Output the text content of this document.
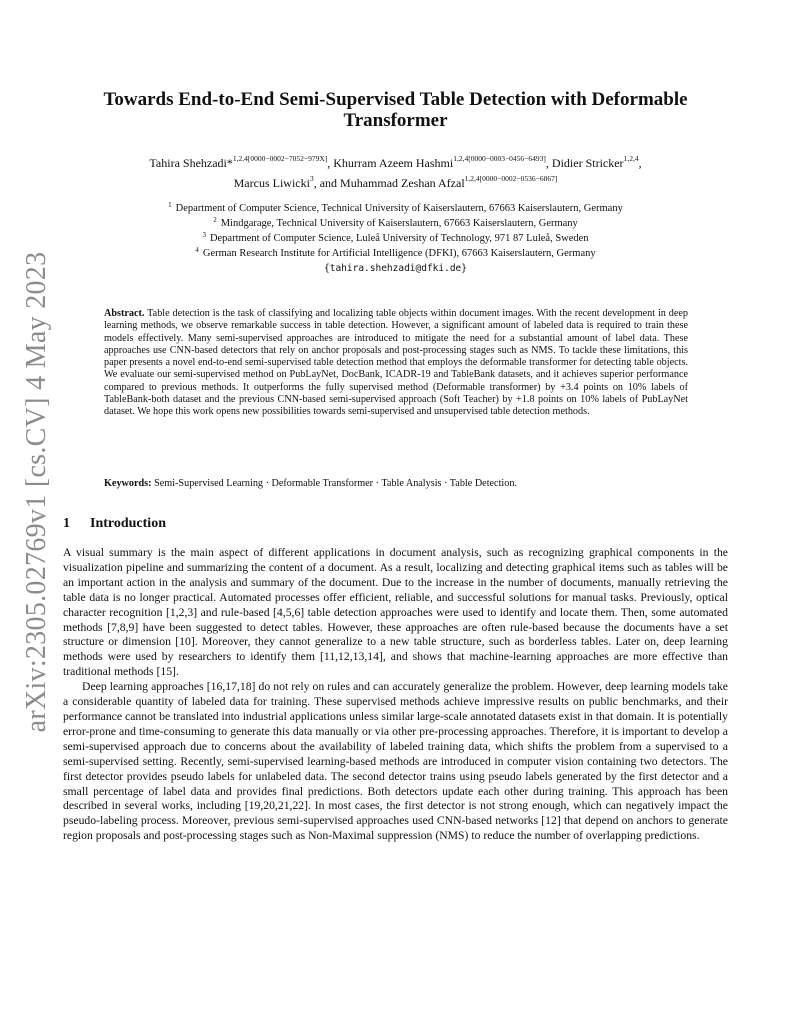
arXiv:2305.02769v1 [cs.CV] 4 May 2023
Towards End-to-End Semi-Supervised Table Detection with Deformable Transformer

Tahira Shehzadi*$^{1,2,4[0000-0002-7052-979X]}$, Khurram Azeem Hashmi$^{1,2,4[0000-0003-0456-6493]}$, Didier Stricker$^{1,2,4}$,
Marcus Liwicki$^3$, and Muhammad Zeshan Afzal$^{1,2,4[0000-0002-0536-6867]}$

$^1$ Department of Computer Science, Technical University of Kaiserslautern, 67663 Kaiserslautern, Germany
$^2$ Mindgarage, Technical University of Kaiserslautern, 67663 Kaiserslautern, Germany
$^3$ Department of Computer Science, Luleå University of Technology, 971 87 Luleå, Sweden
$^4$ German Research Institute for Artificial Intelligence (DFKI), 67663 Kaiserslautern, Germany
{tahira.shehzadi@dfki.de}

Abstract. Table detection is the task of classifying and localizing table objects within document images. With the recent development in deep learning methods, we observe remarkable success in table detection. However, a significant amount of labeled data is required to train these models effectively. Many semi-supervised approaches are introduced to mitigate the need for a substantial amount of label data. These approaches use CNN-based detectors that rely on anchor proposals and post-processing stages such as NMS. To tackle these limitations, this paper presents a novel end-to-end semi-supervised table detection method that employs the deformable transformer for detecting table objects. We evaluate our semi-supervised method on PubLayNet, DocBank, ICADR-19 and TableBank datasets, and it achieves superior performance compared to previous methods. It outperforms the fully supervised method (Deformable transformer) by +3.4 points on 10% labels of TableBank-both dataset and the previous CNN-based semi-supervised approach (Soft Teacher) by +1.8 points on 10% labels of PubLayNet dataset. We hope this work opens new possibilities towards semi-supervised and unsupervised table detection methods.

Keywords: Semi-Supervised Learning · Deformable Transformer · Table Analysis · Table Detection.

1	Introduction

A visual summary is the main aspect of different applications in document analysis, such as recognizing graphical components in the visualization pipeline and summarizing the content of a document. As a result, localizing and detecting graphical items such as tables will be an important action in the analysis and summary of the document. Due to the increase in the number of documents, manually retrieving the table data is no longer practical. Automated processes offer efficient, reliable, and successful solutions for manual tasks. Previously, optical character recognition [1,2,3] and rule-based [4,5,6] table detection approaches were used to identify and locate them. Then, some automated methods [7,8,9] have been suggested to detect tables. However, these approaches are often rule-based because the documents have a set structure or dimension [10]. Moreover, they cannot generalize to a new table structure, such as borderless tables. Later on, deep learning methods were used by researchers to identify them [11,12,13,14], and shows that machine-learning approaches are more effective than traditional methods [15].

Deep learning approaches [16,17,18] do not rely on rules and can accurately generalize the problem. However, deep learning models take a considerable quantity of labeled data for training. These supervised methods achieve impressive results on public benchmarks, and their performance cannot be translated into industrial applications unless similar large-scale annotated datasets exist in that domain. It is potentially error-prone and time-consuming to generate this data manually or via other pre-processing approaches. Therefore, it is important to develop a semi-supervised approach due to concerns about the availability of labeled training data, which shifts the problem from a supervised to a semi-supervised setting. Recently, semi-supervised learning-based methods are introduced in computer vision containing two detectors. The first detector provides pseudo labels for unlabeled data. The second detector trains using pseudo labels generated by the first detector and a small percentage of label data and provides final predictions. Both detectors update each other during training. This approach has been described in several works, including [19,20,21,22]. In most cases, the first detector is not strong enough, which can negatively impact the pseudo-labeling process. Moreover, previous semi-supervised approaches used CNN-based networks [12] that depend on anchors to generate region proposals and post-processing stages such as Non-Maximal suppression (NMS) to reduce the number of overlapping predictions.
